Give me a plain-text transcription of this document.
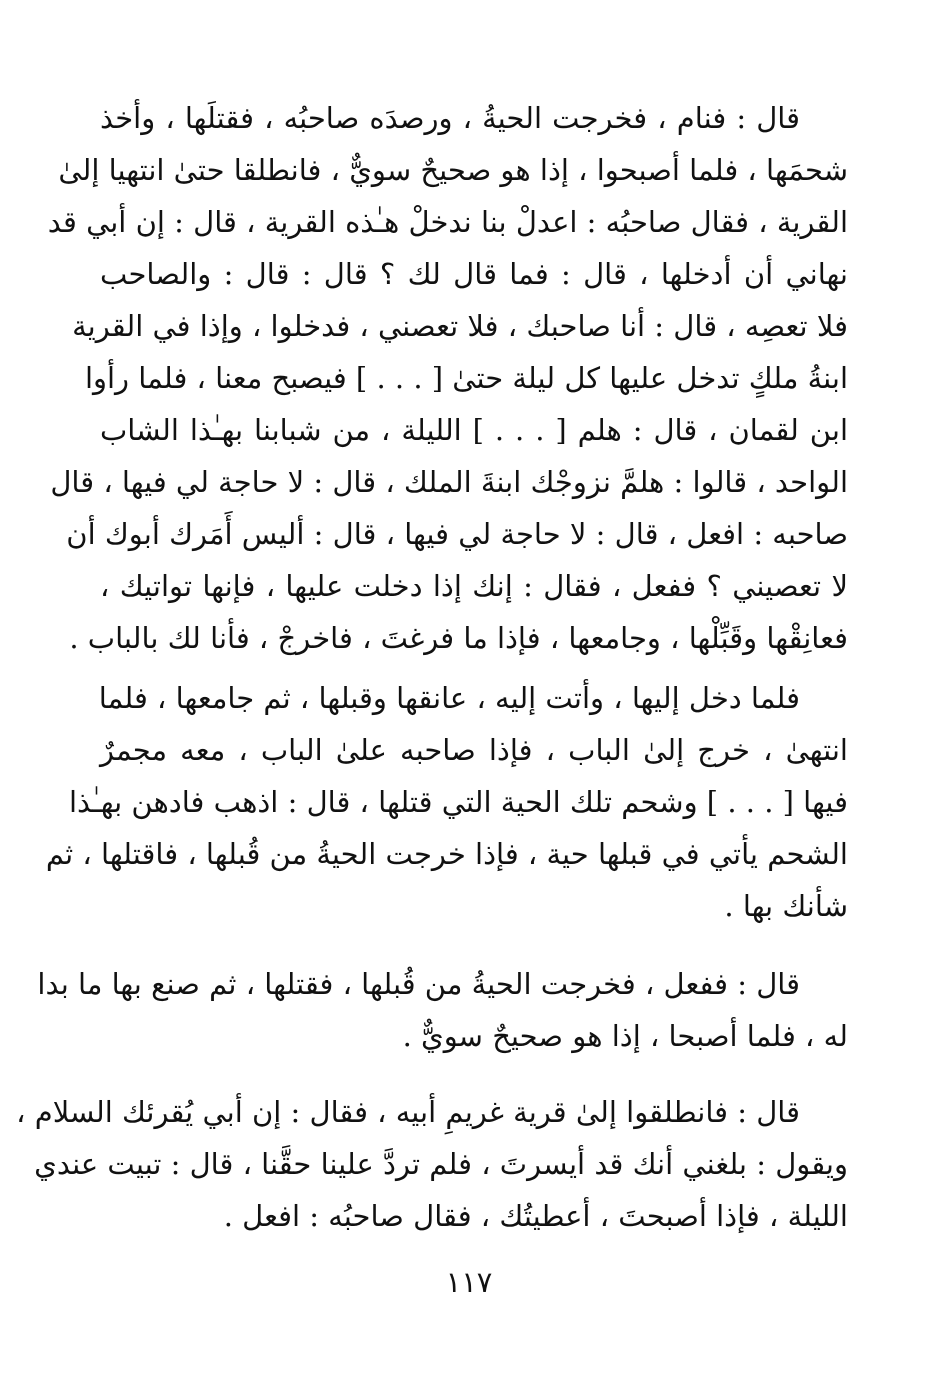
قال : فنام ، فخرجت الحيةُ ، ورصدَه صاحبُه ، فقتلَها ، وأخذ
شحمَها ، فلما أصبحوا ، إذا هو صحيحٌ سويٌّ ، فانطلقا حتىٰ انتهيا إلىٰ
القرية ، فقال صاحبُه : اعدلْ بنا ندخلْ هـٰذه القرية ، قال : إن أبي قد
نهاني أن أدخلها ، قال : فما قال لك ؟ قال : قال : والصاحب
فلا تعصِه ، قال : أنا صاحبك ، فلا تعصني ، فدخلوا ، وإذا في القرية
ابنةُ ملكٍ تدخل عليها كل ليلة حتىٰ [ . . . ] فيصبح معنا ، فلما رأوا
ابن لقمان ، قال : هلم [ . . . ] الليلة ، من شبابنا بهـٰذا الشاب
الواحد ، قالوا : هلمَّ نزوجْك ابنةَ الملك ، قال : لا حاجة لي فيها ، قال
صاحبه : افعل ، قال : لا حاجة لي فيها ، قال : أليس أَمَرك أبوك أن
لا تعصيني ؟ ففعل ، فقال : إنك إذا دخلت عليها ، فإنها تواتيك ،
فعانِقْها وقَبِّلْها ، وجامعها ، فإذا ما فرغتَ ، فاخرجْ ، فأنا لك بالباب .
فلما دخل إليها ، وأتت إليه ، عانقها وقبلها ، ثم جامعها ، فلما
انتهىٰ ، خرج إلىٰ الباب ، فإذا صاحبه علىٰ الباب ، معه مجمرٌ
فيها [ . . . ] وشحم تلك الحية التي قتلها ، قال : اذهب فادهن بهـٰذا
الشحم يأتي في قبلها حية ، فإذا خرجت الحيةُ من قُبلها ، فاقتلها ، ثم
شأنك بها .
قال : ففعل ، فخرجت الحيةُ من قُبلها ، فقتلها ، ثم صنع بها ما بدا
له ، فلما أصبحا ، إذا هو صحيحٌ سويٌّ .
قال : فانطلقوا إلىٰ قرية غريمِ أبيه ، فقال : إن أبي يُقرئك السلام ،
ويقول : بلغني أنك قد أيسرتَ ، فلم تردَّ علينا حقَّنا ، قال : تبيت عندي
الليلة ، فإذا أصبحتَ ، أعطيتُك ، فقال صاحبُه : افعل .
١١٧
